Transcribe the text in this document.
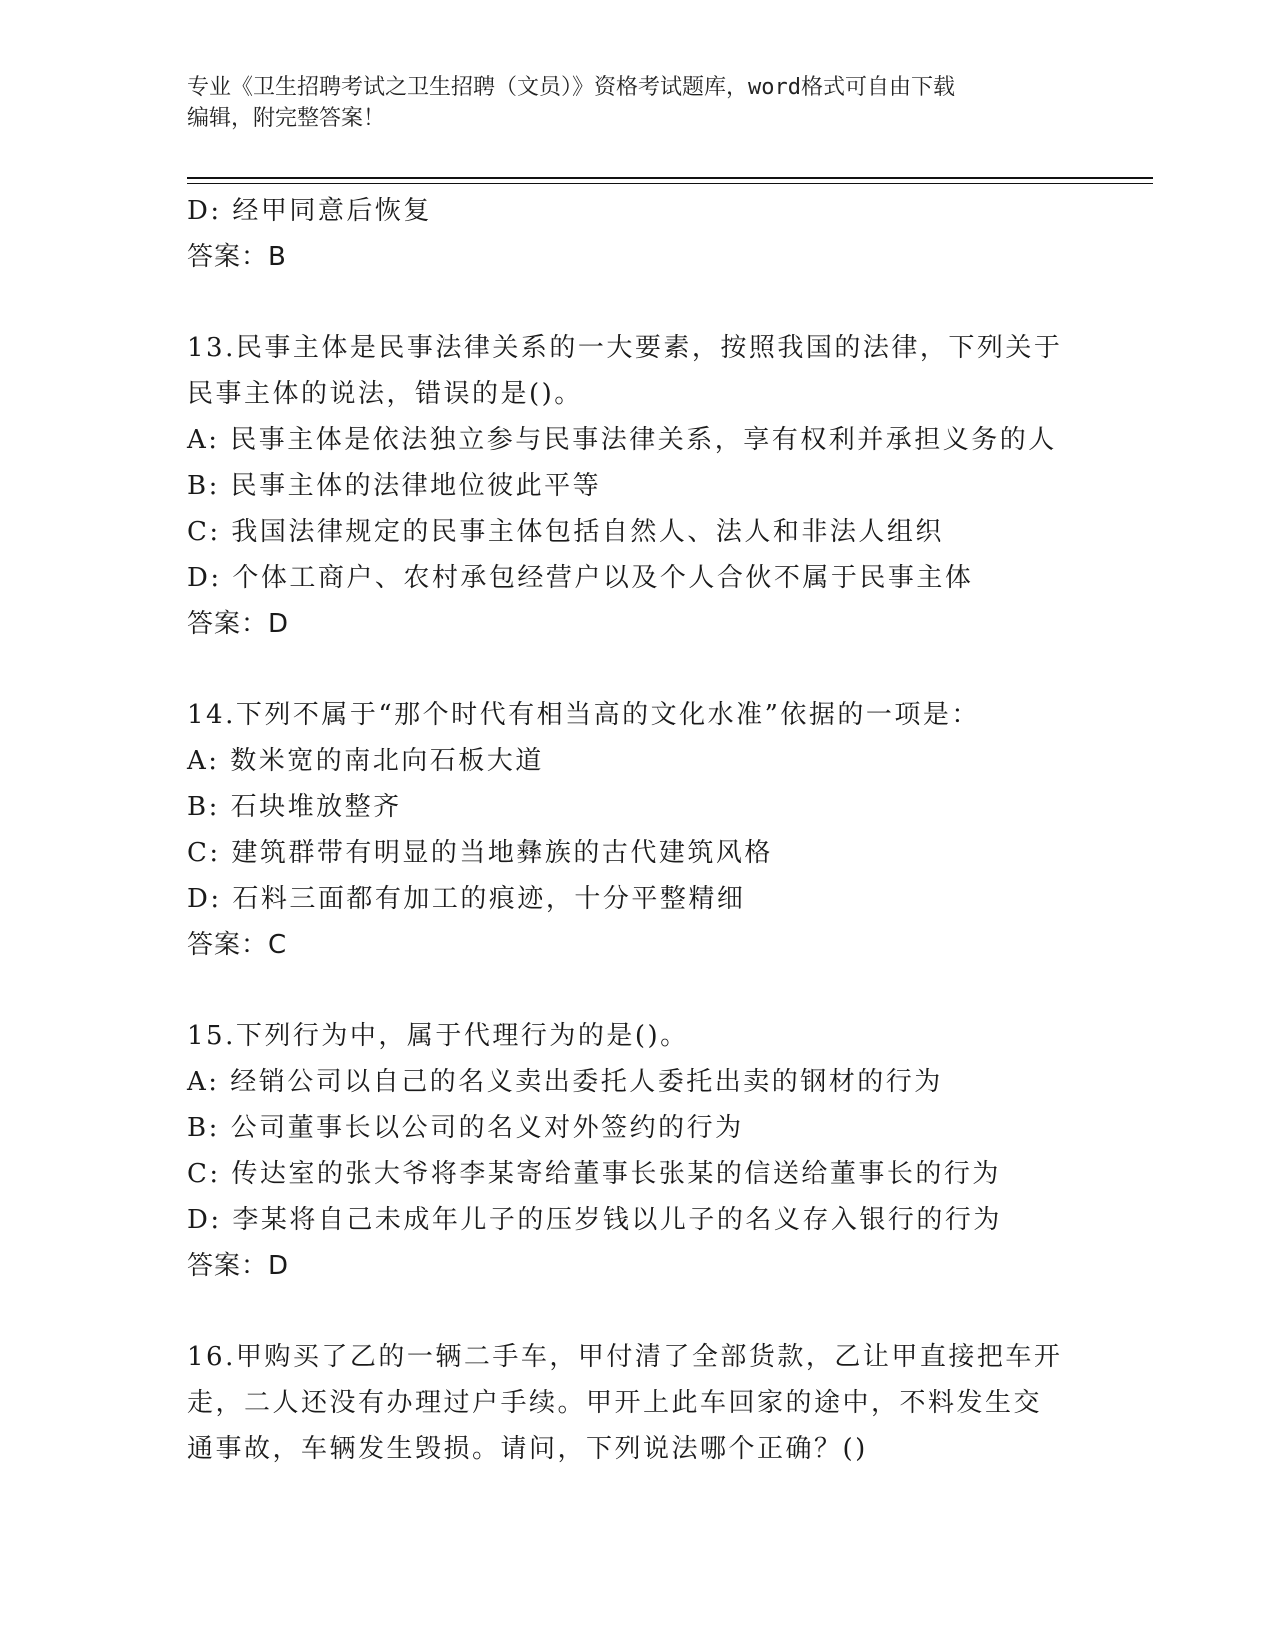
专业《卫生招聘考试之卫生招聘（文员）》资格考试题库，word格式可自由下载
编辑，附完整答案！
D: 经甲同意后恢复
答案：B
13.民事主体是民事法律关系的一大要素，按照我国的法律，下列关于
民事主体的说法，错误的是()。
A: 民事主体是依法独立参与民事法律关系，享有权利并承担义务的人
B: 民事主体的法律地位彼此平等
C: 我国法律规定的民事主体包括自然人、法人和非法人组织
D: 个体工商户、农村承包经营户以及个人合伙不属于民事主体
答案：D
14.下列不属于“那个时代有相当高的文化水准”依据的一项是：
A: 数米宽的南北向石板大道
B: 石块堆放整齐
C: 建筑群带有明显的当地彝族的古代建筑风格
D: 石料三面都有加工的痕迹，十分平整精细
答案：C
15.下列行为中，属于代理行为的是()。
A: 经销公司以自己的名义卖出委托人委托出卖的钢材的行为
B: 公司董事长以公司的名义对外签约的行为
C: 传达室的张大爷将李某寄给董事长张某的信送给董事长的行为
D: 李某将自己未成年儿子的压岁钱以儿子的名义存入银行的行为
答案：D
16.甲购买了乙的一辆二手车，甲付清了全部货款，乙让甲直接把车开
走，二人还没有办理过户手续。甲开上此车回家的途中，不料发生交
通事故，车辆发生毁损。请问，下列说法哪个正确？()
